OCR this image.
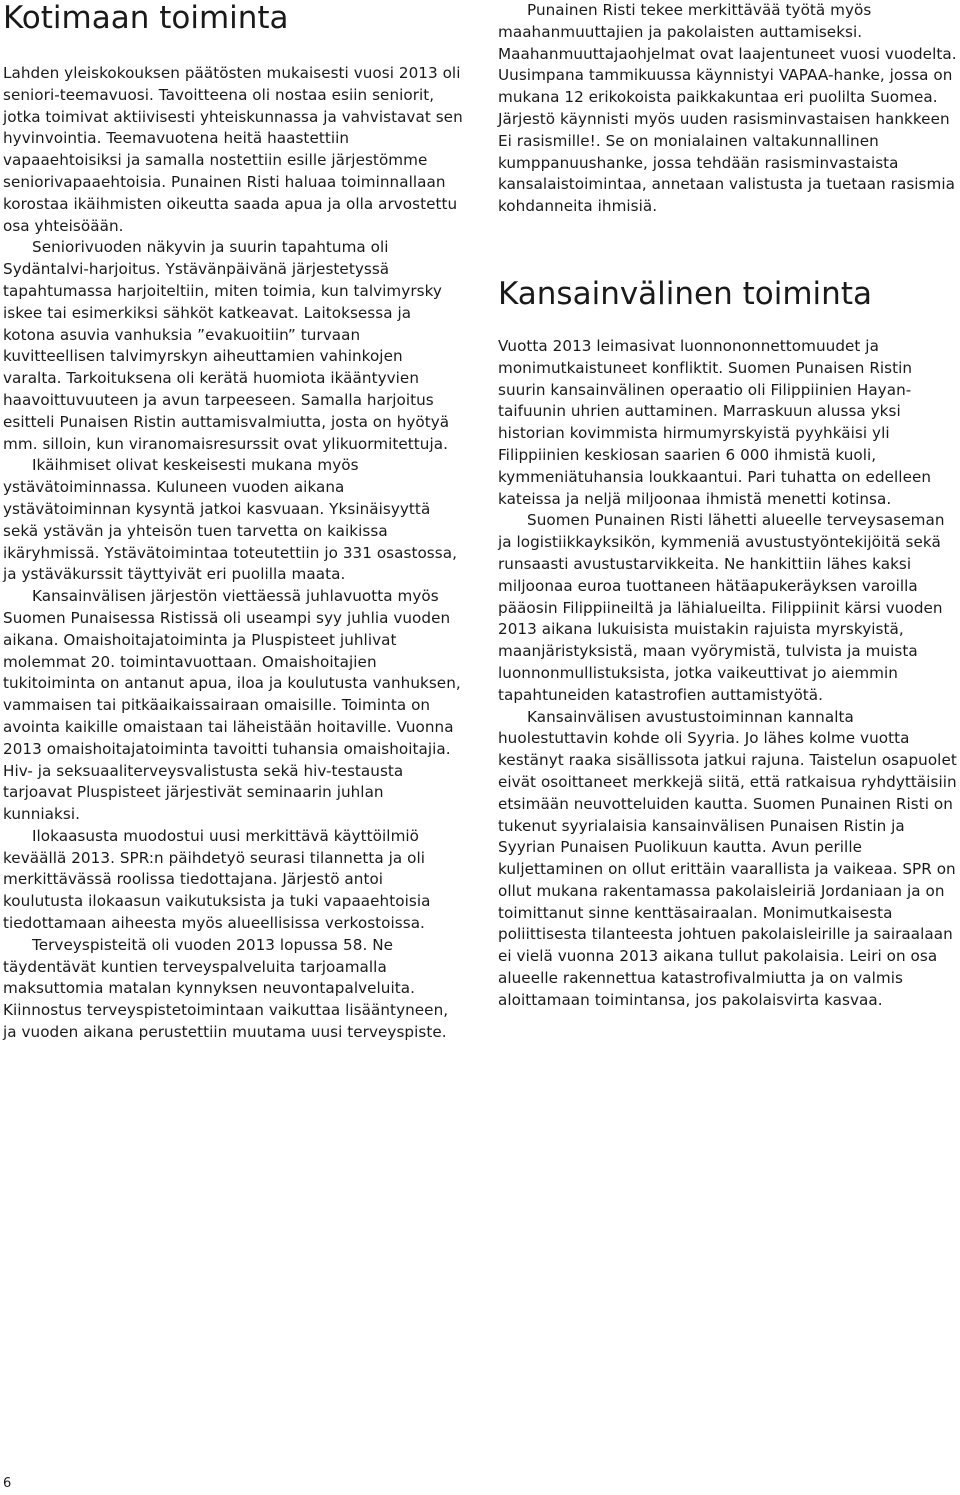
Kotimaan toiminta

Lahden yleiskokouksen päätösten mukaisesti vuosi 2013 oli seniori-teemavuosi. Tavoitteena oli nostaa esiin seniorit, jotka toimivat aktiivisesti yhteiskunnassa ja vahvistavat sen hyvinvointia. Teemavuotena heitä haastettiin vapaaehtoisiksi ja samalla nostettiin esille järjestömme seniorivapaaehtoisia. Punainen Risti haluaa toiminnallaan korostaa ikäihmisten oikeutta saada apua ja olla arvostettu osa yhteisöään.

Seniorivuoden näkyvin ja suurin tapahtuma oli Sydäntalvi-harjoitus. Ystävänpäivänä järjestetyssä tapahtumassa harjoiteltiin, miten toimia, kun talvimyrsky iskee tai esimerkiksi sähköt katkeavat. Laitoksessa ja kotona asuvia vanhuksia ”evakuoitiin” turvaan kuvitteellisen talvimyrskyn aiheuttamien vahinkojen varalta. Tarkoituksena oli kerätä huomiota ikääntyvien haavoittuvuuteen ja avun tarpeeseen. Samalla harjoitus esitteli Punaisen Ristin auttamisvalmiutta, josta on hyötyä mm. silloin, kun viranomaisresurssit ovat ylikuormitettuja.

Ikäihmiset olivat keskeisesti mukana myös ystävätoiminnassa. Kuluneen vuoden aikana ystävätoiminnan kysyntä jatkoi kasvuaan. Yksinäisyyttä sekä ystävän ja yhteisön tuen tarvetta on kaikissa ikäryhmissä. Ystävätoimintaa toteutettiin jo 331 osastossa, ja ystäväkurssit täyttyivät eri puolilla maata.

Kansainvälisen järjestön viettäessä juhlavuotta myös Suomen Punaisessa Ristissä oli useampi syy juhlia vuoden aikana. Omaishoitajatoiminta ja Pluspisteet juhlivat molemmat 20. toimintavuottaan. Omaishoitajien tukitoiminta on antanut apua, iloa ja koulutusta vanhuksen, vammaisen tai pitkäaikaissairaan omaisille. Toiminta on avointa kaikille omaistaan tai läheistään hoitaville. Vuonna 2013 omaishoitajatoiminta tavoitti tuhansia omaishoitajia. Hiv- ja seksuaaliterveysvalistusta sekä hiv-testausta tarjoavat Pluspisteet järjestivät seminaarin juhlan kunniaksi.

Ilokaasusta muodostui uusi merkittävä käyttöilmiö keväällä 2013. SPR:n päihdetyö seurasi tilannetta ja oli merkittävässä roolissa tiedottajana. Järjestö antoi koulutusta ilokaasun vaikutuksista ja tuki vapaaehtoisia tiedottamaan aiheesta myös alueellisissa verkostoissa.

Terveyspisteitä oli vuoden 2013 lopussa 58. Ne täydentävät kuntien terveyspalveluita tarjoamalla maksuttomia matalan kynnyksen neuvontapalveluita. Kiinnostus terveyspistetoimintaan vaikuttaa lisääntyneen, ja vuoden aikana perustettiin muutama uusi terveyspiste.

Punainen Risti tekee merkittävää työtä myös maahanmuuttajien ja pakolaisten auttamiseksi. Maahanmuuttajaohjelmat ovat laajentuneet vuosi vuodelta. Uusimpana tammikuussa käynnistyi VAPAA-hanke, jossa on mukana 12 erikokoista paikkakuntaa eri puolilta Suomea. Järjestö käynnisti myös uuden rasisminvastaisen hankkeen Ei rasismille!. Se on monialainen valtakunnallinen kumppanuushanke, jossa tehdään rasisminvastaista kansalaistoimintaa, annetaan valistusta ja tuetaan rasismia kohdanneita ihmisiä.

Kansainvälinen toiminta

Vuotta 2013 leimasivat luonnononnettomuudet ja monimutkaistuneet konfliktit. Suomen Punaisen Ristin suurin kansainvälinen operaatio oli Filippiinien Hayan-taifuunin uhrien auttaminen. Marraskuun alussa yksi historian kovimmista hirmumyrskyistä pyyhkäisi yli Filippiinien keskiosan saarien 6 000 ihmistä kuoli, kymmeniätuhansia loukkaantui. Pari tuhatta on edelleen kateissa ja neljä miljoonaa ihmistä menetti kotinsa.

Suomen Punainen Risti lähetti alueelle terveysaseman ja logistiikkayksikön, kymmeniä avustustyöntekijöitä sekä runsaasti avustustarvikkeita. Ne hankittiin lähes kaksi miljoonaa euroa tuottaneen hätäapukeräyksen varoilla pääosin Filippiineiltä ja lähialueilta. Filippiinit kärsi vuoden 2013 aikana lukuisista muistakin rajuista myrskyistä, maanjäristyksistä, maan vyörymistä, tulvista ja muista luonnonmullistuksista, jotka vaikeuttivat jo aiemmin tapahtuneiden katastrofien auttamistyötä.

Kansainvälisen avustustoiminnan kannalta huolestuttavin kohde oli Syyria. Jo lähes kolme vuotta kestänyt raaka sisällissota jatkui rajuna. Taistelun osapuolet eivät osoittaneet merkkejä siitä, että ratkaisua ryhdyttäisiin etsimään neuvotteluiden kautta. Suomen Punainen Risti on tukenut syyrialaisia kansainvälisen Punaisen Ristin ja Syyrian Punaisen Puolikuun kautta. Avun perille kuljettaminen on ollut erittäin vaarallista ja vaikeaa. SPR on ollut mukana rakentamassa pakolaisleiriä Jordaniaan ja on toimittanut sinne kenttäsairaalan. Monimutkaisesta poliittisesta tilanteesta johtuen pakolaisleirille ja sairaalaan ei vielä vuonna 2013 aikana tullut pakolaisia. Leiri on osa alueelle rakennettua katastrofivalmiutta ja on valmis aloittamaan toimintansa, jos pakolaisvirta kasvaa.

6
